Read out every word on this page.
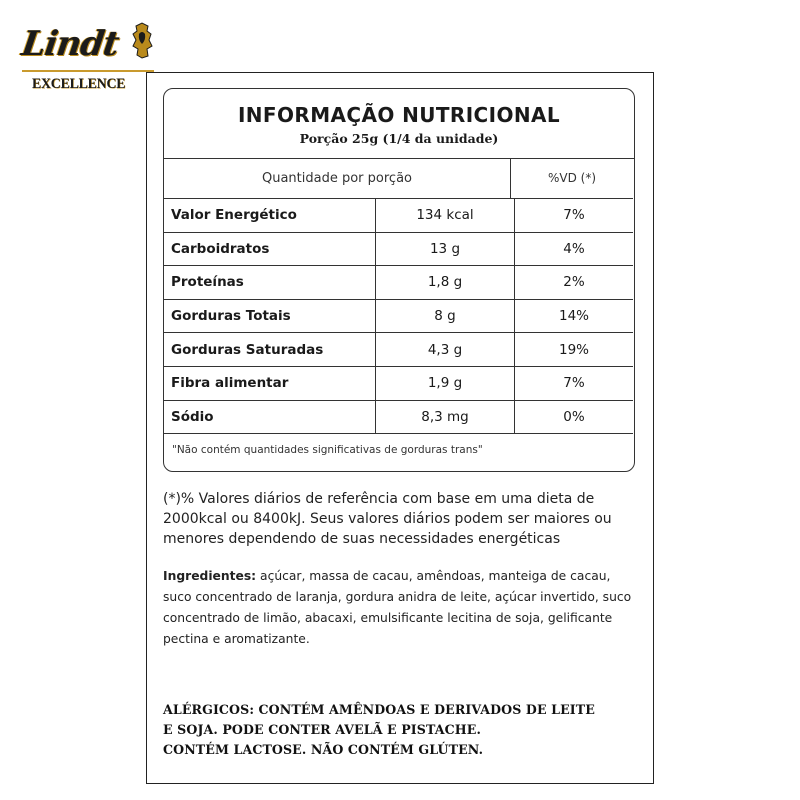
Lindt
EXCELLENCE
INFORMAÇÃO NUTRICIONAL
Porção 25g (1/4 da unidade)
Quantidade por porção	%VD (*)
Valor Energético	134 kcal	7%
Carboidratos	13 g	4%
Proteínas	1,8 g	2%
Gorduras Totais	8 g	14%
Gorduras Saturadas	4,3 g	19%
Fibra alimentar	1,9 g	7%
Sódio	8,3 mg	0%
"Não contém quantidades significativas de gorduras trans"
(*)% Valores diários de referência com base em uma dieta de 2000kcal ou 8400kJ. Seus valores diários podem ser maiores ou menores dependendo de suas necessidades energéticas
Ingredientes: açúcar, massa de cacau, amêndoas, manteiga de cacau, suco concentrado de laranja, gordura anidra de leite, açúcar invertido, suco concentrado de limão, abacaxi, emulsificante lecitina de soja, gelificante pectina e aromatizante.
ALÉRGICOS: CONTÉM AMÊNDOAS E DERIVADOS DE LEITE
E SOJA. PODE CONTER AVELÃ E PISTACHE.
CONTÉM LACTOSE. NÃO CONTÉM GLÚTEN.
